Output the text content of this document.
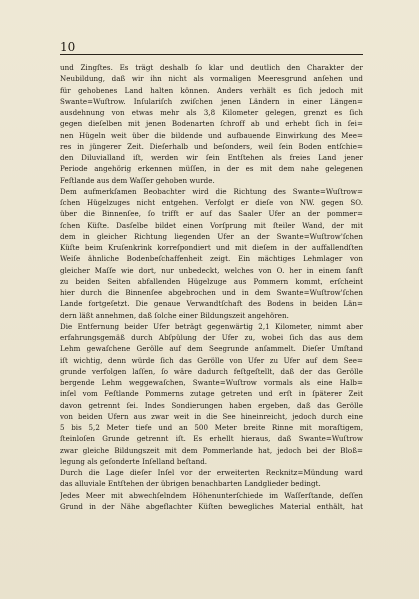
10
und Zingſtes. Es trägt deshalb ſo klar und deutlich den Charakter der
Neubildung, daß wir ihn nicht als vormaligen Meeresgrund anſehen und
für gehobenes Land halten können. Anders verhält es ſich jedoch mit
Swante=Wuſtrow. Inſulariſch zwiſchen jenen Ländern in einer Längen=
ausdehnung von etwas mehr als 3,8 Kilometer gelegen, grenzt es ſich
gegen dieſelben mit jenen Bodenarten ſchroff ab und erhebt ſich in ſei=
nen Hügeln weit über die bildende und aufbauende Einwirkung des Mee=
res in jüngerer Zeit. Dieſerhalb und beſonders, weil ſein Boden entſchie=
den Diluvialland iſt, werden wir ſein Entſtehen als freies Land jener
Periode angehörig erkennen müſſen, in der es mit dem nahe gelegenen
Feſtlande aus dem Waſſer gehoben wurde.
Dem aufmerkſamen Beobachter wird die Richtung des Swante=Wuſtrow=
ſchen Hügelzuges nicht entgehen. Verfolgt er dieſe von NW. gegen SO.
über die Binnenſee, ſo trifft er auf das Saaler Ufer an der pommer=
ſchen Küſte. Dasſelbe bildet einen Vorſprung mit ſteiler Wand, der mit
dem in gleicher Richtung liegenden Ufer an der Swante=Wuſtrow'ſchen
Küſte beim Kruſenkrink korreſpondiert und mit dieſem in der auffallendſten
Weiſe ähnliche Bodenbeſchaffenheit zeigt. Ein mächtiges Lehmlager von
gleicher Maſſe wie dort, nur unbedeckt, welches von O. her in einem ſanft
zu beiden Seiten abfallenden Hügelzuge aus Pommern kommt, erſcheint
hier durch die Binnenſee abgebrochen und in dem Swante=Wuſtrow'ſchen
Lande fortgeſetzt. Die genaue Verwandtſchaft des Bodens in beiden Län=
dern läßt annehmen, daß ſolche einer Bildungszeit angehören.
Die Entfernung beider Ufer beträgt gegenwärtig 2,1 Kilometer, nimmt aber
erfahrungsgemäß durch Abſpülung der Ufer zu, wobei ſich das aus dem
Lehm gewaſchene Gerölle auf dem Seegrunde anſammelt. Dieſer Umſtand
iſt wichtig, denn würde ſich das Gerölle von Ufer zu Ufer auf dem See=
grunde verfolgen laſſen, ſo wäre dadurch feſtgeſtellt, daß der das Gerölle
bergende Lehm weggewaſchen, Swante=Wuſtrow vormals als eine Halb=
inſel vom Feſtlande Pommerns zutage getreten und erſt in ſpäterer Zeit
davon getrennt ſei. Indes Sondierungen haben ergeben, daß das Gerölle
von beiden Ufern aus zwar weit in die See hineinreicht, jedoch durch eine
5 bis 5,2 Meter tiefe und an 500 Meter breite Rinne mit moraſtigem,
ſteinloſen Grunde getrennt iſt. Es erhellt hieraus, daß Swante=Wuſtrow
zwar gleiche Bildungszeit mit dem Pommerlande hat, jedoch bei der Bloß=
legung als geſonderte Inſelland beſtand.
Durch die Lage dieſer Inſel vor der erweiterten Recknitz=Mündung ward
das alluviale Entſtehen der übrigen benachbarten Landglieder bedingt.
Jedes Meer mit abwechſelndem Höhenunterſchiede im Waſſerſtande, deſſen
Grund in der Nähe abgeflachter Küſten bewegliches Material enthält, hat
